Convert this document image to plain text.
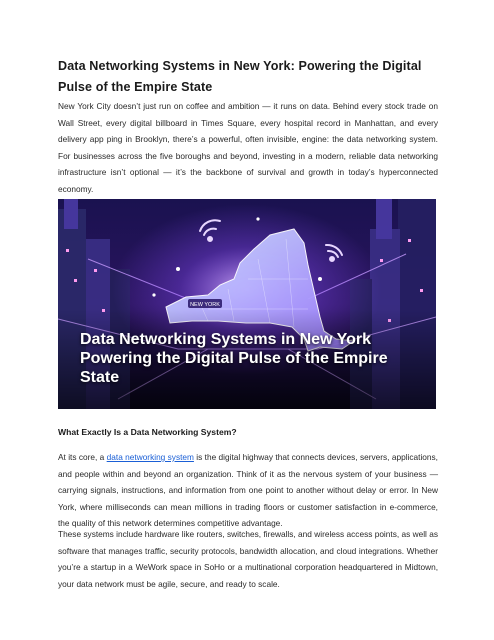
Data Networking Systems in New York: Powering the Digital Pulse of the Empire State
New York City doesn’t just run on coffee and ambition — it runs on data. Behind every stock trade on Wall Street, every digital billboard in Times Square, every hospital record in Manhattan, and every delivery app ping in Brooklyn, there’s a powerful, often invisible, engine: the data networking system. For businesses across the five boroughs and beyond, investing in a modern, reliable data networking infrastructure isn’t optional — it’s the backbone of survival and growth in today’s hyperconnected economy.
NEW YORK
Data Networking Systems in New York
Powering the Digital Pulse of the Empire State
What Exactly Is a Data Networking System?
At its core, a data networking system is the digital highway that connects devices, servers, applications, and people within and beyond an organization. Think of it as the nervous system of your business — carrying signals, instructions, and information from one point to another without delay or error. In New York, where milliseconds can mean millions in trading floors or customer satisfaction in e-commerce, the quality of this network determines competitive advantage.
These systems include hardware like routers, switches, firewalls, and wireless access points, as well as software that manages traffic, security protocols, bandwidth allocation, and cloud integrations. Whether you’re a startup in a WeWork space in SoHo or a multinational corporation headquartered in Midtown, your data network must be agile, secure, and ready to scale.
